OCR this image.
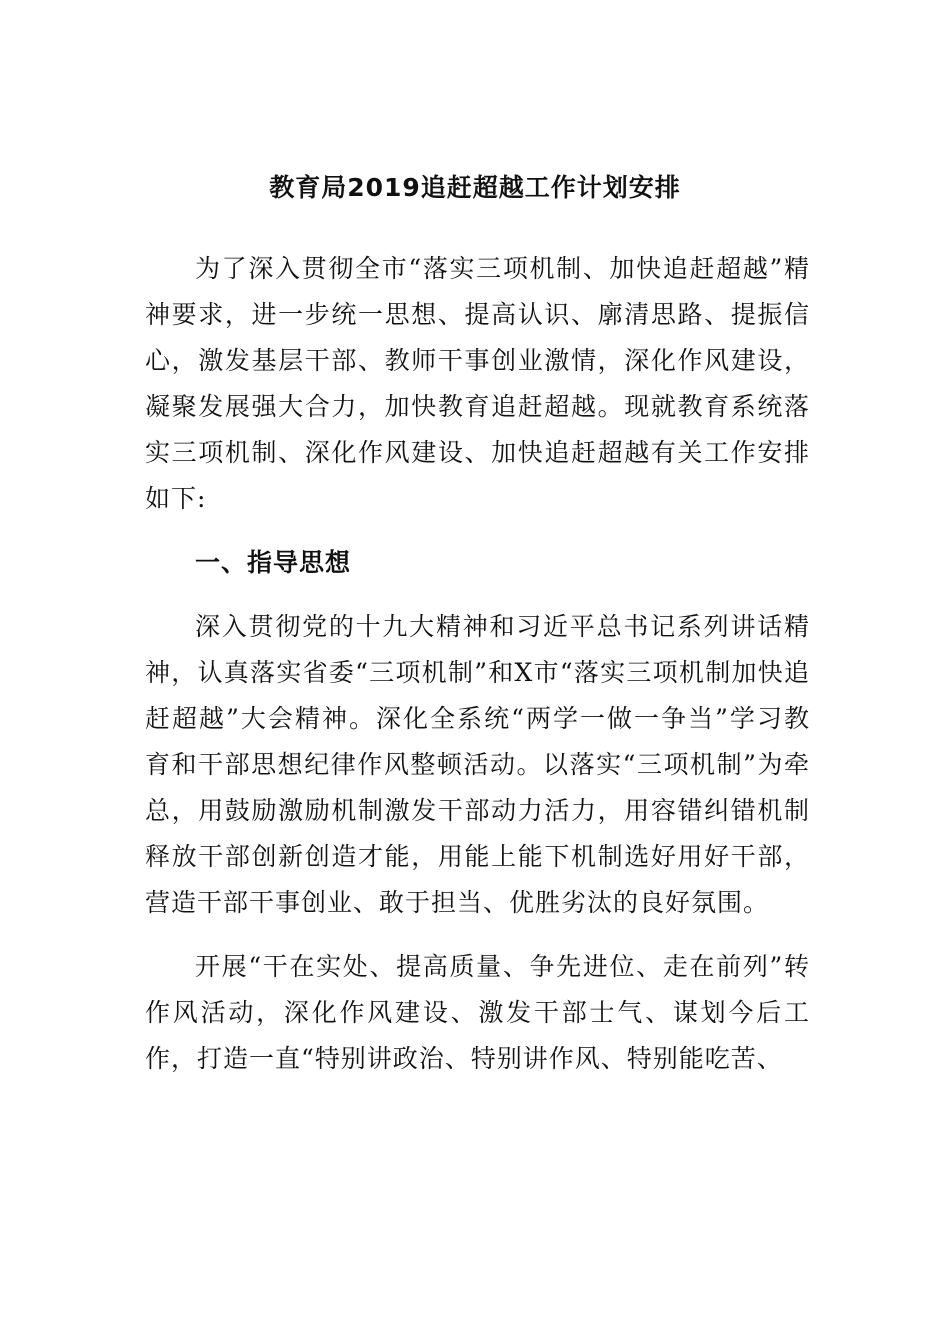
教育局2019追赶超越工作计划安排

为了深入贯彻全市“落实三项机制、加快追赶超越”精神要求，进一步统一思想、提高认识、廓清思路、提振信心，激发基层干部、教师干事创业激情，深化作风建设，凝聚发展强大合力，加快教育追赶超越。现就教育系统落实三项机制、深化作风建设、加快追赶超越有关工作安排如下:

一、指导思想

深入贯彻党的十九大精神和习近平总书记系列讲话精神，认真落实省委“三项机制”和X市“落实三项机制加快追赶超越”大会精神。深化全系统“两学一做一争当”学习教育和干部思想纪律作风整顿活动。以落实“三项机制”为牵总，用鼓励激励机制激发干部动力活力，用容错纠错机制释放干部创新创造才能，用能上能下机制选好用好干部，营造干部干事创业、敢于担当、优胜劣汰的良好氛围。

开展“干在实处、提高质量、争先进位、走在前列”转作风活动，深化作风建设、激发干部士气、谋划今后工作，打造一直“特别讲政治、特别讲作风、特别能吃苦、
